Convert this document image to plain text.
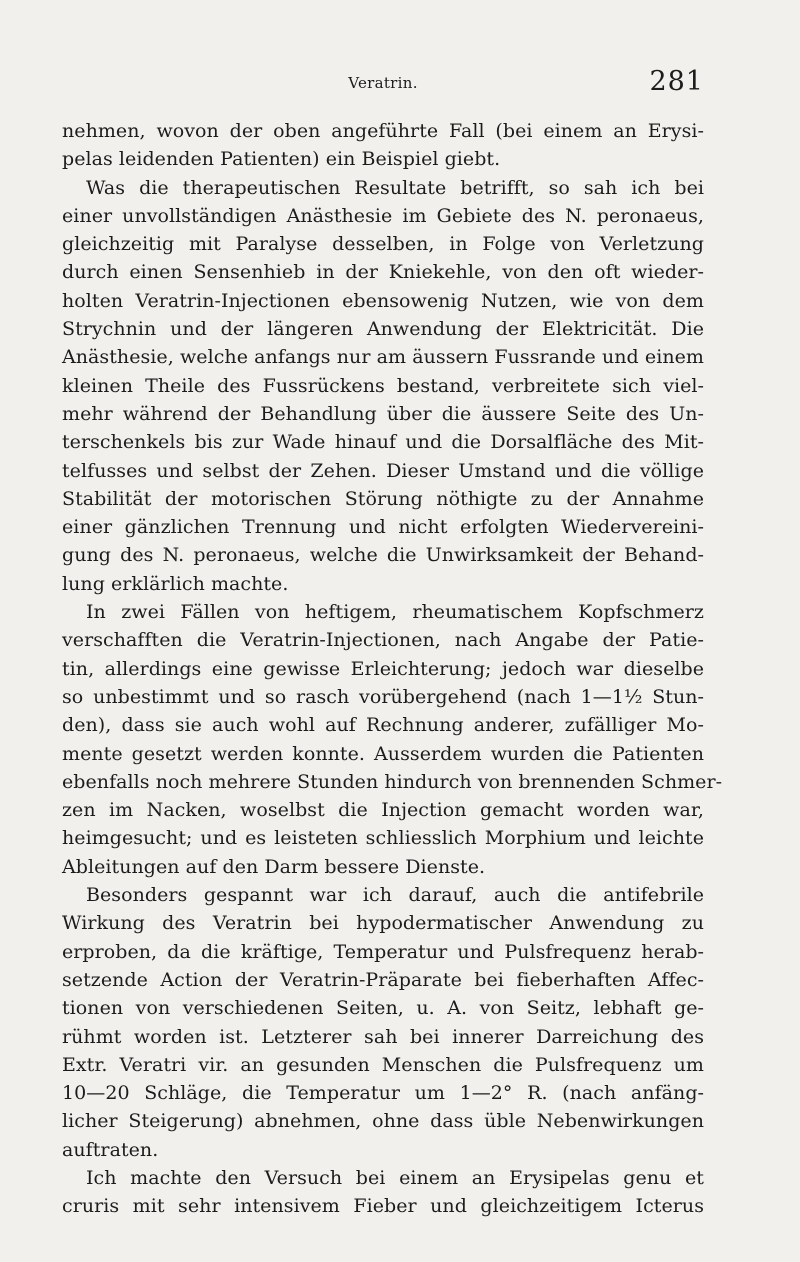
Veratrin.	281
nehmen, wovon der oben angeführte Fall (bei einem an Erysi-
pelas leidenden Patienten) ein Beispiel giebt.
Was die therapeutischen Resultate betrifft, so sah ich bei
einer unvollständigen Anästhesie im Gebiete des N. peronaeus,
gleichzeitig mit Paralyse desselben, in Folge von Verletzung
durch einen Sensenhieb in der Kniekehle, von den oft wieder-
holten Veratrin-Injectionen ebensowenig Nutzen, wie von dem
Strychnin und der längeren Anwendung der Elektricität. Die
Anästhesie, welche anfangs nur am äussern Fussrande und einem
kleinen Theile des Fussrückens bestand, verbreitete sich viel-
mehr während der Behandlung über die äussere Seite des Un-
terschenkels bis zur Wade hinauf und die Dorsalfläche des Mit-
telfusses und selbst der Zehen. Dieser Umstand und die völlige
Stabilität der motorischen Störung nöthigte zu der Annahme
einer gänzlichen Trennung und nicht erfolgten Wiedervereini-
gung des N. peronaeus, welche die Unwirksamkeit der Behand-
lung erklärlich machte.
In zwei Fällen von heftigem, rheumatischem Kopfschmerz
verschafften die Veratrin-Injectionen, nach Angabe der Patie-
tin, allerdings eine gewisse Erleichterung; jedoch war dieselbe
so unbestimmt und so rasch vorübergehend (nach 1—1½ Stun-
den), dass sie auch wohl auf Rechnung anderer, zufälliger Mo-
mente gesetzt werden konnte. Ausserdem wurden die Patienten
ebenfalls noch mehrere Stunden hindurch von brennenden Schmer-
zen im Nacken, woselbst die Injection gemacht worden war,
heimgesucht; und es leisteten schliesslich Morphium und leichte
Ableitungen auf den Darm bessere Dienste.
Besonders gespannt war ich darauf, auch die antifebrile
Wirkung des Veratrin bei hypodermatischer Anwendung zu
erproben, da die kräftige, Temperatur und Pulsfrequenz herab-
setzende Action der Veratrin-Präparate bei fieberhaften Affec-
tionen von verschiedenen Seiten, u. A. von Seitz, lebhaft ge-
rühmt worden ist. Letzterer sah bei innerer Darreichung des
Extr. Veratri vir. an gesunden Menschen die Pulsfrequenz um
10—20 Schläge, die Temperatur um 1—2° R. (nach anfäng-
licher Steigerung) abnehmen, ohne dass üble Nebenwirkungen
auftraten.
Ich machte den Versuch bei einem an Erysipelas genu et
cruris mit sehr intensivem Fieber und gleichzeitigem Icterus
